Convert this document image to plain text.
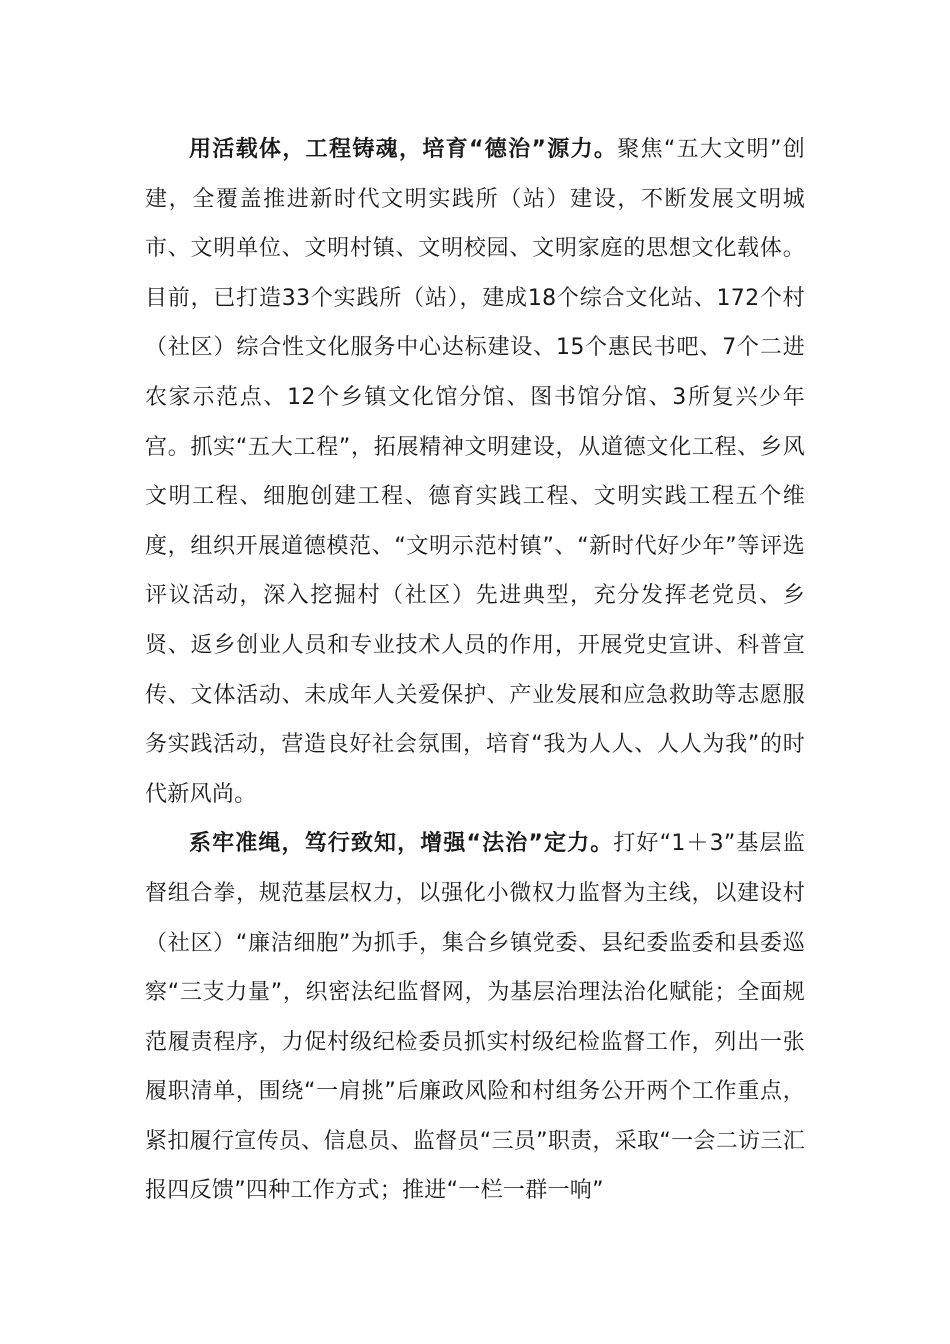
用活载体，工程铸魂，培育“德治”源力。聚焦“五大文明”创建，全覆盖推进新时代文明实践所（站）建设，不断发展文明城市、文明单位、文明村镇、文明校园、文明家庭的思想文化载体。目前，已打造33个实践所（站），建成18个综合文化站、172个村（社区）综合性文化服务中心达标建设、15个惠民书吧、7个二进农家示范点、12个乡镇文化馆分馆、图书馆分馆、3所复兴少年宫。抓实“五大工程”，拓展精神文明建设，从道德文化工程、乡风文明工程、细胞创建工程、德育实践工程、文明实践工程五个维度，组织开展道德模范、“文明示范村镇”、“新时代好少年”等评选评议活动，深入挖掘村（社区）先进典型，充分发挥老党员、乡贤、返乡创业人员和专业技术人员的作用，开展党史宣讲、科普宣传、文体活动、未成年人关爱保护、产业发展和应急救助等志愿服务实践活动，营造良好社会氛围，培育“我为人人、人人为我”的时代新风尚。

系牢准绳，笃行致知，增强“法治”定力。打好“1＋3”基层监督组合拳，规范基层权力，以强化小微权力监督为主线，以建设村（社区）“廉洁细胞”为抓手，集合乡镇党委、县纪委监委和县委巡察“三支力量”，织密法纪监督网，为基层治理法治化赋能；全面规范履责程序，力促村级纪检委员抓实村级纪检监督工作，列出一张履职清单，围绕“一肩挑”后廉政风险和村组务公开两个工作重点，紧扣履行宣传员、信息员、监督员“三员”职责，采取“一会二访三汇报四反馈”四种工作方式；推进“一栏一群一响”
